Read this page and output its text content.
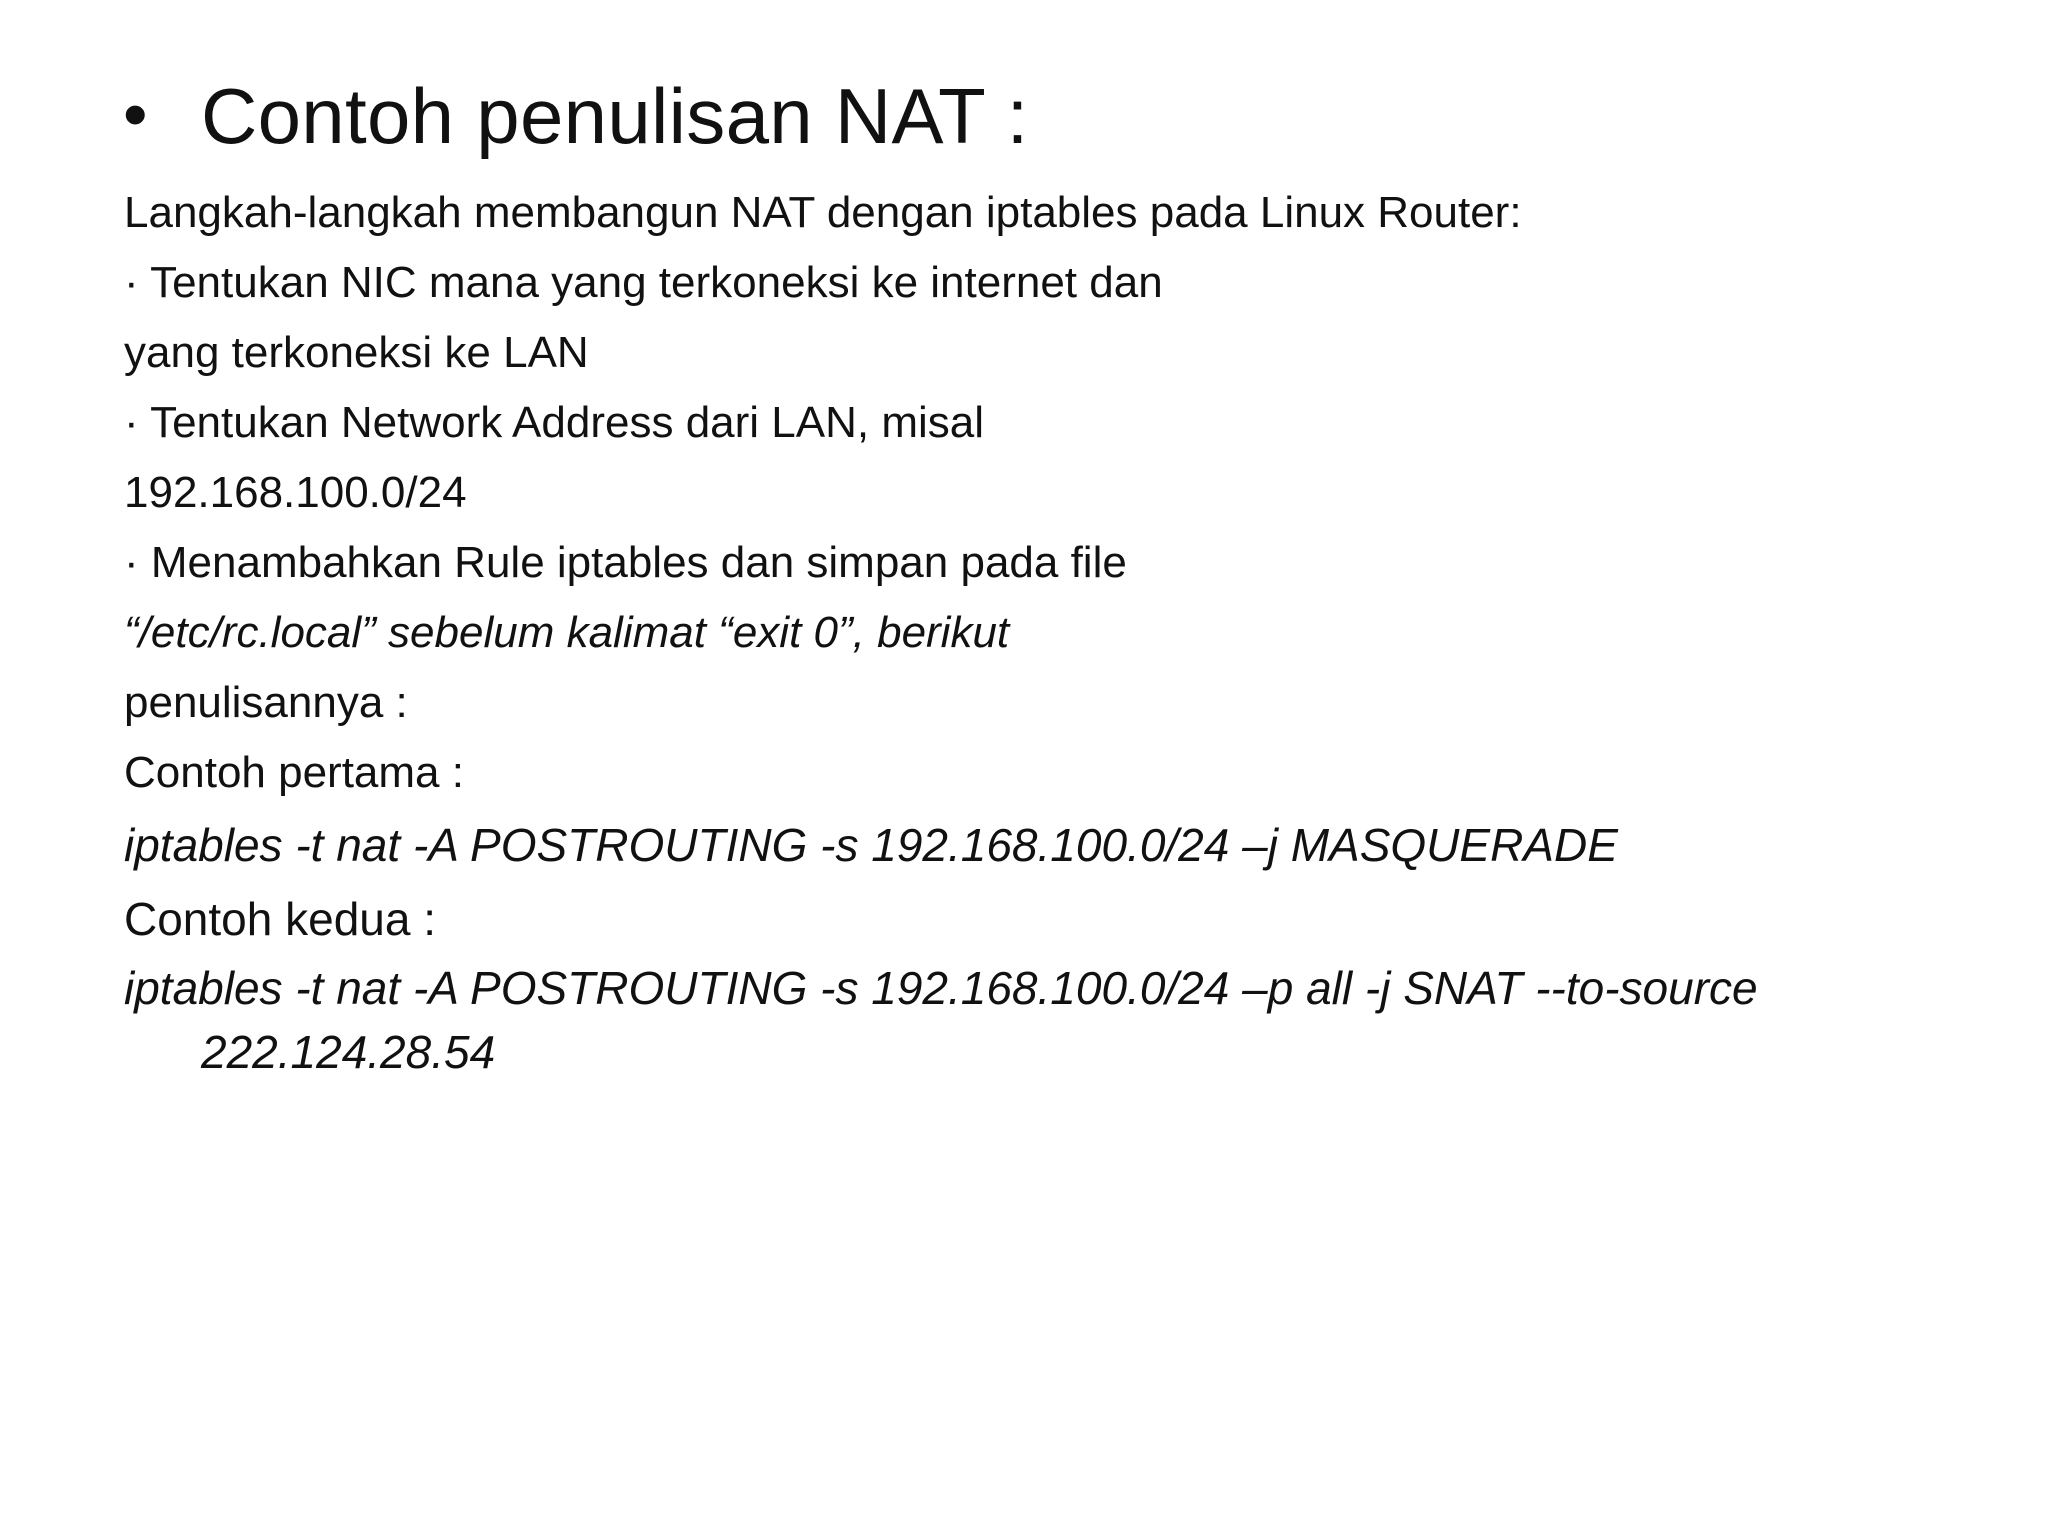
• Contoh penulisan NAT :
Langkah-langkah membangun NAT dengan iptables pada Linux Router:
· Tentukan NIC mana yang terkoneksi ke internet dan
yang terkoneksi ke LAN
· Tentukan Network Address dari LAN, misal
192.168.100.0/24
· Menambahkan Rule iptables dan simpan pada file
“/etc/rc.local” sebelum kalimat “exit 0”, berikut
penulisannya :
Contoh pertama :
iptables -t nat -A POSTROUTING -s 192.168.100.0/24 –j MASQUERADE
Contoh kedua :
iptables -t nat -A POSTROUTING -s 192.168.100.0/24 –p all -j SNAT --to-source
222.124.28.54
